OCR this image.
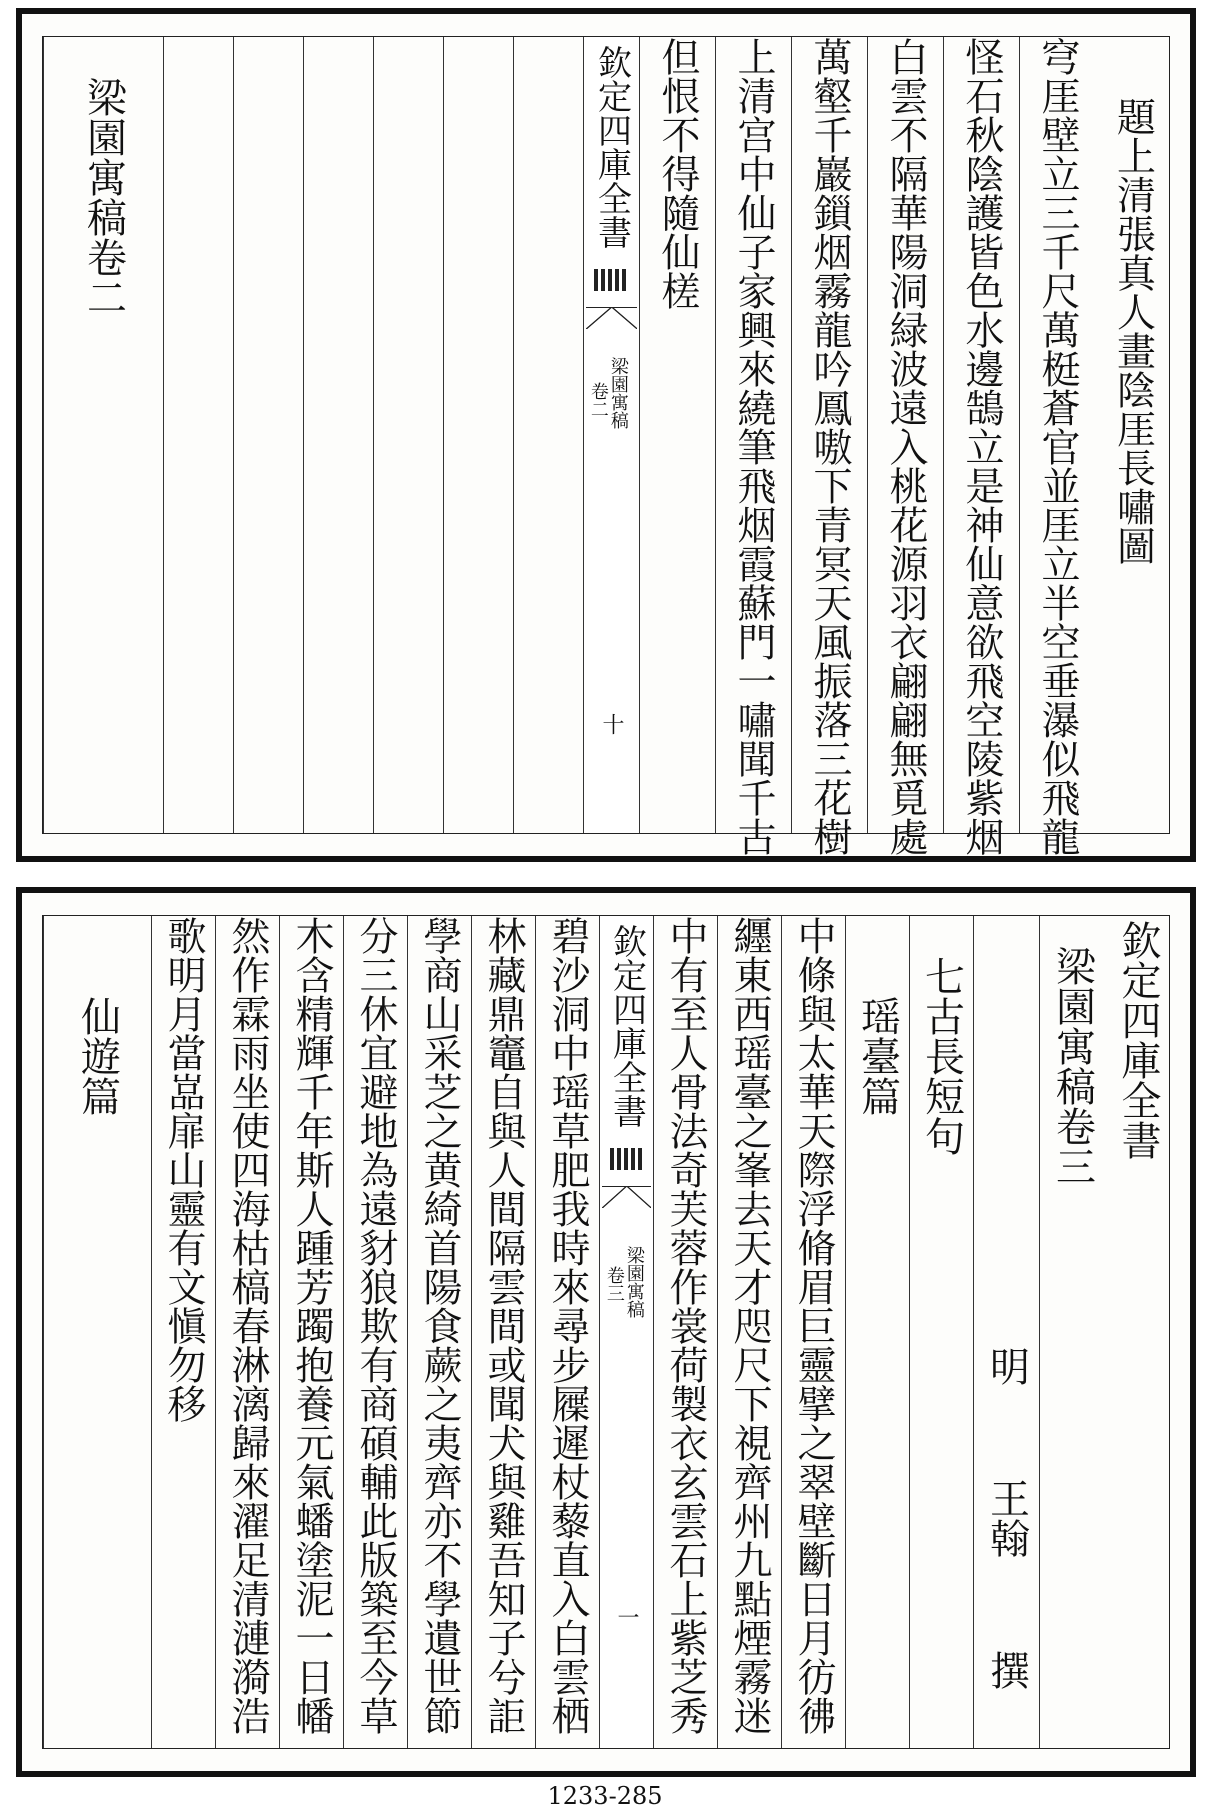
題上清張真人畫陰厓長嘯圖
穹厓壁立三千尺萬梃蒼官並厓立半空垂瀑似飛龍
怪石秋陰護皆色水邊鵠立是神仙意欲飛空陵紫烟
白雲不隔華陽洞緑波遠入桃花源羽衣翩翩無覓處
萬壑千巖鎻烟霧龍吟鳳嗷下青冥天風振落三花樹
上清宫中仙子家興來繞筆飛烟霞蘇門一嘯聞千古
但恨不得隨仙槎
欽定四庫全書
梁園寓稿
卷二
十
梁園寓稿卷二
欽定四庫全書
梁園寓稿卷三
明  王翰  撰
七古長短句
瑶臺篇
中條與太華天際浮脩眉巨靈擘之翠壁斷日月彷彿
纒東西瑶臺之峯去天才咫尺下視齊州九點煙霧迷
中有至人骨法奇芙蓉作裳荷製衣玄雲石上紫芝秀
欽定四庫全書
梁園寓稿
卷三
一
碧沙洞中瑶草肥我時來尋步屧遲杖藜直入白雲栖
林藏鼎竈自與人間隔雲間或聞犬與雞吾知子兮詎
學商山采芝之黄綺首陽食蕨之夷齊亦不學遺世節
分三休宜避地為遠豺狼欺有商碩輔此版築至今草
木含精輝千年斯人踵芳躅抱養元氣蟠塗泥一日幡
然作霖雨坐使四海枯槁春淋漓歸來濯足清漣漪浩
歌明月當嵓扉山靈有文愼勿移
仙遊篇
1233-285
